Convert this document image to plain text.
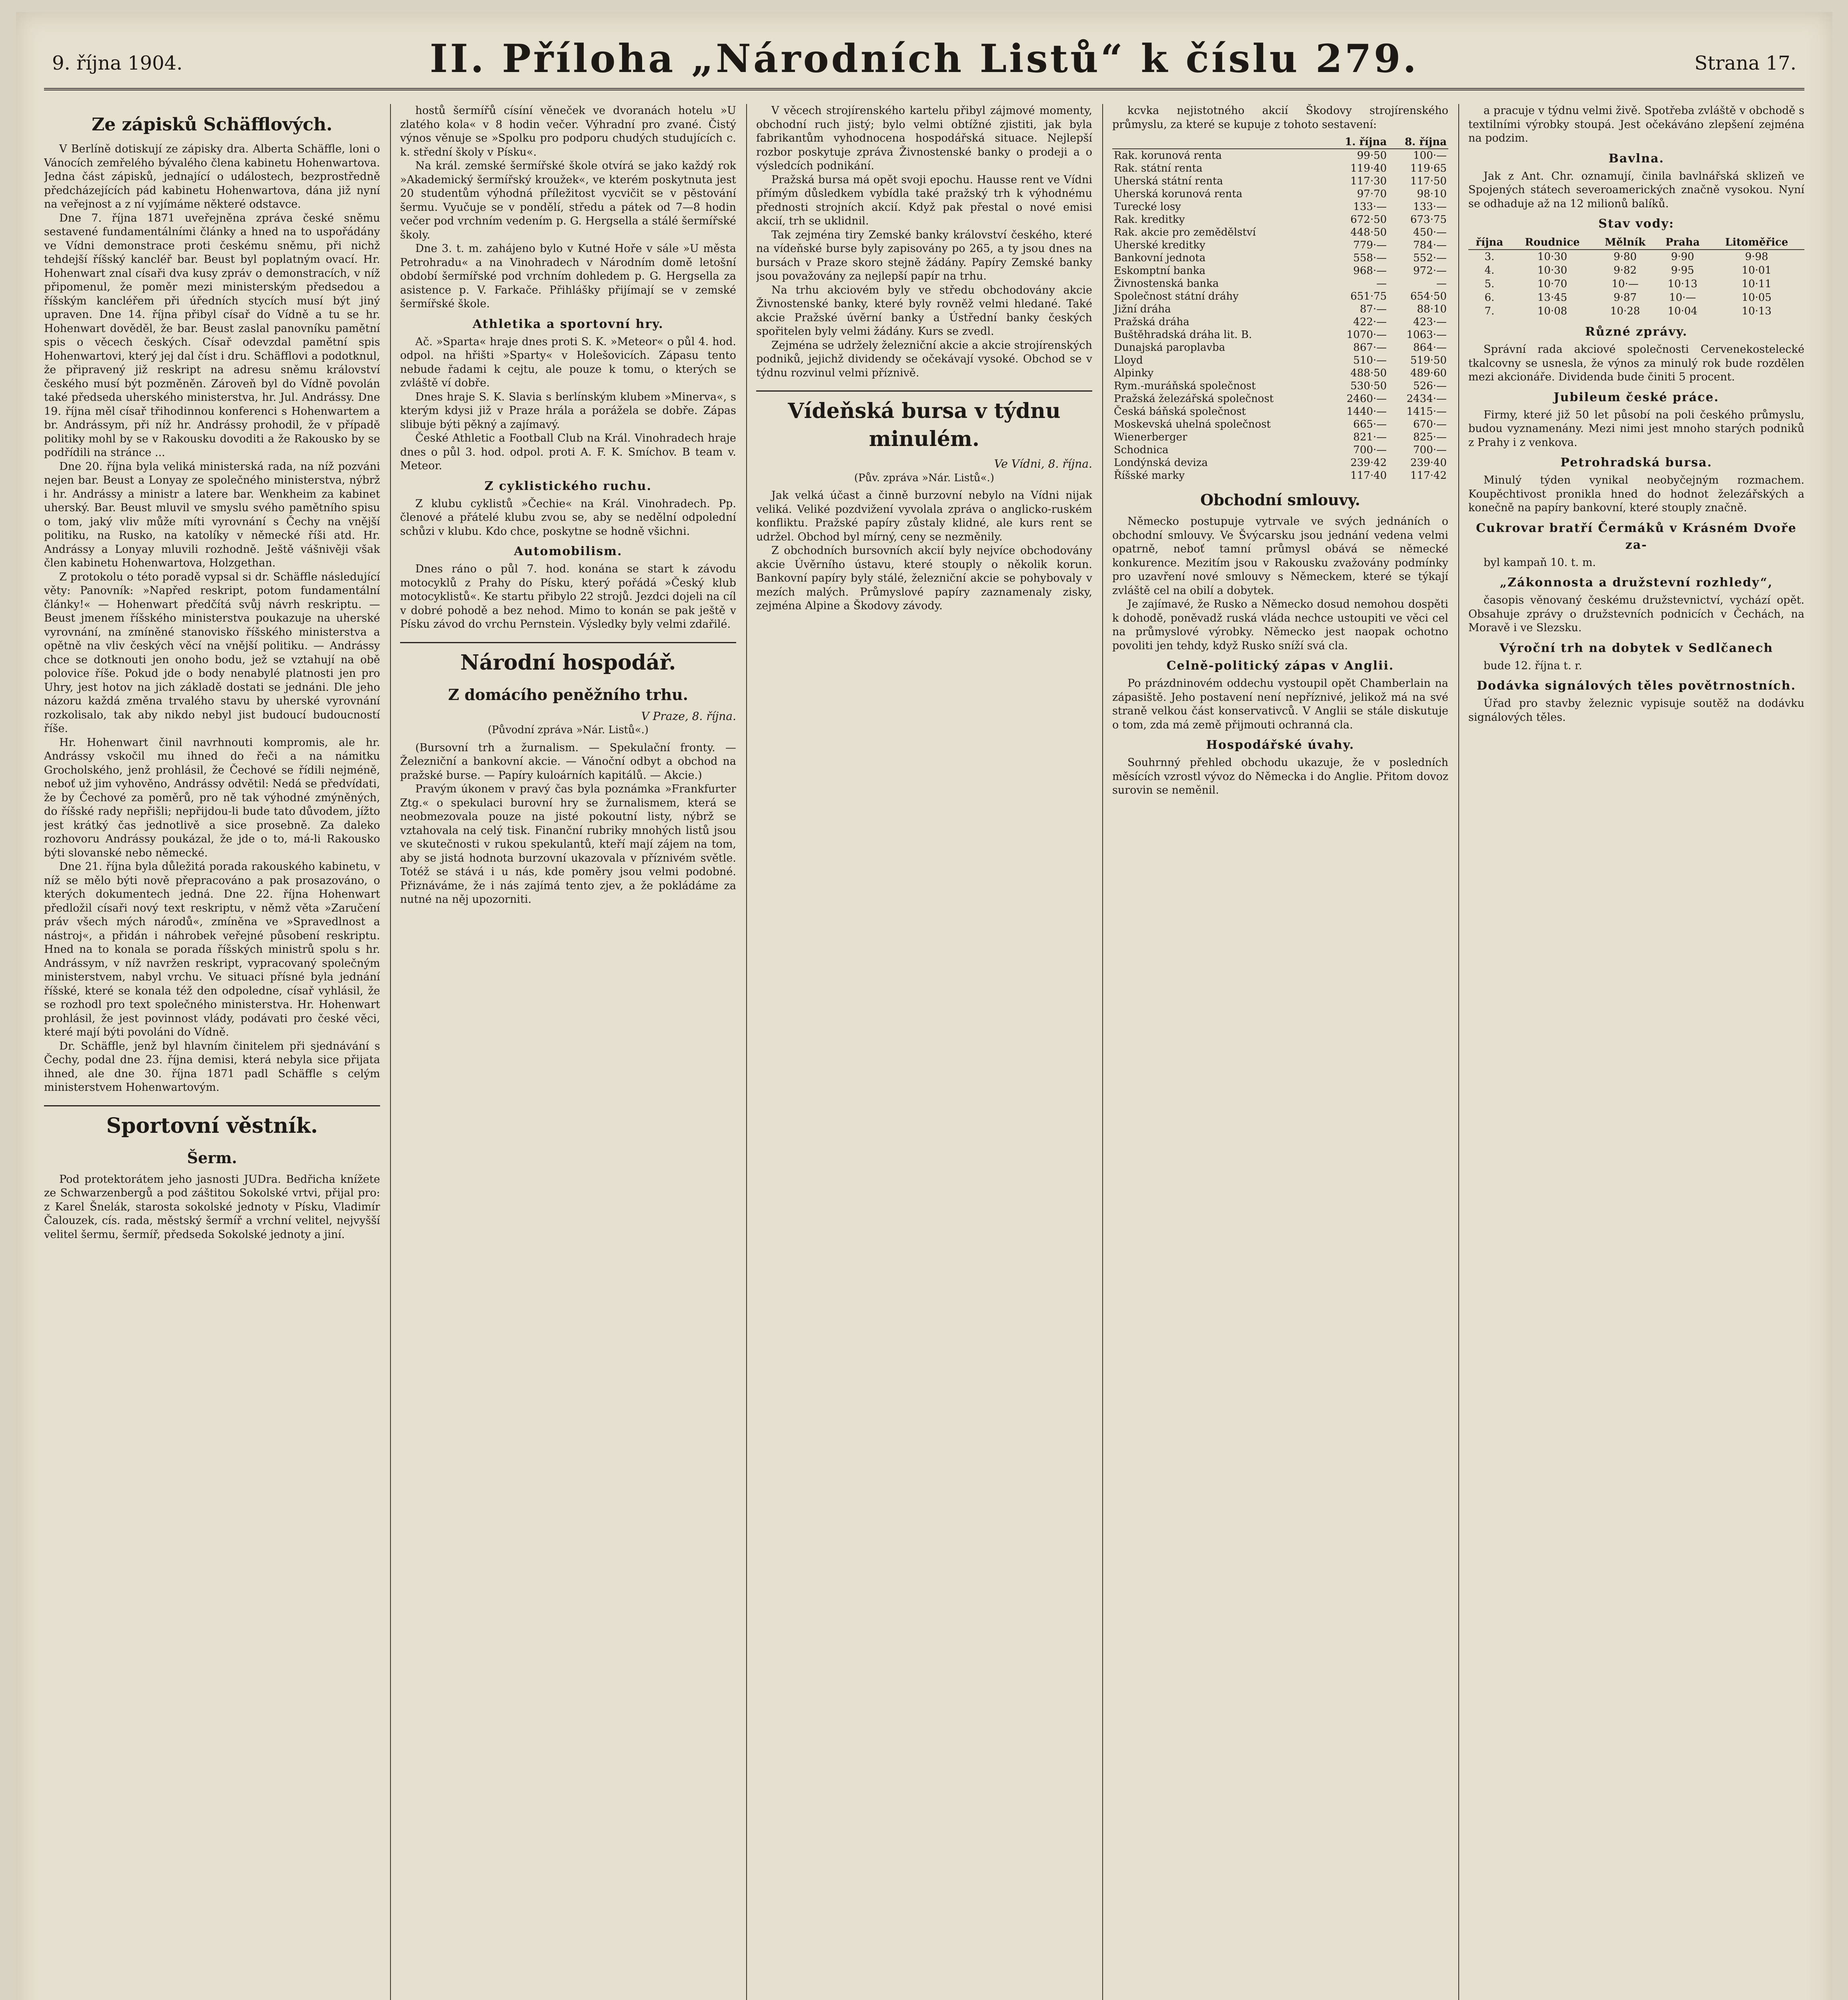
9. října 1904.	II. Příloha „Národních Listů“ k číslu 279.	Strana 17.
Ze zápisků Schäfflových.

V Berlíně dotiskují ze zápisky dra. Alberta Schäffle, loni o Vánocích zemřelého bývalého člena kabinetu Hohenwartova. Jedna část zápisků, jednající o událostech, bezprostředně předcházejících pád kabinetu Hohenwartova, dána již nyní na veřejnost a z ní vyjímáme některé odstavce.

Dne 7. října 1871 uveřejněna zpráva české sněmu sestavené fundamentálními články a hned na to uspořádány ve Vídni demonstrace proti českému sněmu, při nichž tehdejší říšský kancléř bar. Beust byl poplatným ovací. Hr. Hohenwart znal císaři dva kusy zpráv o demonstracích, v níž připomenul, že poměr mezi ministerským předsedou a říšským kancléřem při úředních stycích musí být jiný upraven. Dne 14. října přibyl císař do Vídně a tu se hr. Hohenwart dověděl, že bar. Beust zaslal panovníku pamětní spis o věcech českých. Císař odevzdal pamětní spis Hohenwartovi, který jej dal číst i dru. Schäfflovi a podotknul, že připravený již reskript na adresu sněmu království českého musí být pozměněn. Zároveň byl do Vídně povolán také předseda uherského ministerstva, hr. Jul. Andrássy. Dne 19. října měl císař třihodinnou konferenci s Hohenwartem a br. Andrássym, při níž hr. Andrássy prohodil, že v případě politiky mohl by se v Rakousku dovoditi a že Rakousko by se podřídili na stránce ...

Dne 20. října byla veliká ministerská rada, na níž pozváni nejen bar. Beust a Lonyay ze společného ministerstva, nýbrž i hr. Andrássy a ministr a latere bar. Wenkheim za kabinet uherský. Bar. Beust mluvil ve smyslu svého pamětního spisu o tom, jaký vliv může míti vyrovnání s Čechy na vnější politiku, na Rusko, na katolíky v německé říši atd. Hr. Andrássy a Lonyay mluvili rozhodně. Ještě vášnivěji však člen kabinetu Hohenwartova, Holzgethan.

Z protokolu o této poradě vypsal si dr. Schäffle následující věty: Panovník: »Napřed reskript, potom fundamentální články!« — Hohenwart předčítá svůj návrh reskriptu. — Beust jmenem říšského ministerstva poukazuje na uherské vyrovnání, na zmíněné stanovisko říšského ministerstva a opětně na vliv českých věcí na vnější politiku. — Andrássy chce se dotknouti jen onoho bodu, jež se vztahují na obě polovice říše. Pokud jde o body nenabylé platnosti jen pro Uhry, jest hotov na jich základě dostati se jednáni. Dle jeho názoru každá změna trvalého stavu by uherské vyrovnání rozkolisalo, tak aby nikdo nebyl jist budoucí budoucností říše.

Hr. Hohenwart činil navrhnouti kompromis, ale hr. Andrássy vskočil mu ihned do řeči a na námitku Grocholského, jenž prohlásil, že Čechové se řídili nejméně, neboť už jim vyhověno, Andrássy odvětil: Nedá se předvídati, že by Čechové za poměrů, pro ně tak výhodné zmýněných, do říšské rady nepřišli; nepřijdou-li bude tato důvodem, jížto jest krátký čas jednotlivě a sice prosebně. Za daleko rozhovoru Andrássy poukázal, že jde o to, má-li Rakousko býti slovanské nebo německé.

Dne 21. října byla důležitá porada rakouského kabinetu, v níž se mělo býti nově přepracováno a pak prosazováno, o kterých dokumentech jedná. Dne 22. října Hohenwart předložil císaři nový text reskriptu, v němž věta »Zaručení práv všech mých národů«, zmíněna ve »Spravedlnost a nástroj«, a přidán i náhrobek veřejné působení reskriptu. Hned na to konala se porada říšských ministrů spolu s hr. Andrássym, v níž navržen reskript, vypracovaný společným ministerstvem, nabyl vrchu. Ve situaci přísné byla jednání říšské, které se konala též den odpoledne, císař vyhlásil, že se rozhodl pro text společného ministerstva. Hr. Hohenwart prohlásil, že jest povinnost vlády, podávati pro české věci, které mají býti povoláni do Vídně.

Dr. Schäffle, jenž byl hlavním činitelem při sjednávání s Čechy, podal dne 23. října demisi, která nebyla sice přijata ihned, ale dne 30. října 1871 padl Schäffle s celým ministerstvem Hohenwartovým.

Sportovní věstník.
Šerm.

Pod protektorátem jeho jasnosti JUDra. Bedřicha knížete ze Schwarzenbergů a pod záštitou Sokolské vrtvi, přijal pro: z Karel Šnelák, starosta sokolské jednoty v Písku, Vladimír Čalouzek, cís. rada, městský šermíř a vrchní velitel, nejvyšší velitel šermu, šermíř, předseda Sokolské jednoty a jiní.

hostů šermířů císíní věneček ve dvoranách hotelu »U zlatého kola« v 8 hodin večer. Výhradní pro zvané. Čistý výnos věnuje se »Spolku pro podporu chudých studujících c. k. střední školy v Písku«.

Na král. zemské šermířské škole otvírá se jako každý rok »Akademický šermířský kroužek«, ve kterém poskytnuta jest 20 studentům výhodná příležitost vycvičit se v pěstování šermu. Vyučuje se v pondělí, středu a pátek od 7—8 hodin večer pod vrchním vedením p. G. Hergsella a stálé šermířské školy.

Dne 3. t. m. zahájeno bylo v Kutné Hoře v sále »U města Petrohradu« a na Vinohradech v Národním domě letošní období šermířské pod vrchním dohledem p. G. Hergsella za asistence p. V. Farkače. Přihlášky přijímají se v zemské šermířské škole.

Athletika a sportovní hry.

Ač. »Sparta« hraje dnes proti S. K. »Meteor« o půl 4. hod. odpol. na hřišti »Sparty« v Holešovicích. Zápasu tento nebude řadami k cejtu, ale pouze k tomu, o kterých se zvláště ví dobře.

Dnes hraje S. K. Slavia s berlínským klubem »Minerva«, s kterým kdysi již v Praze hrála a porážela se dobře. Zápas slibuje býti pěkný a zajímavý.

České Athletic a Football Club na Král. Vinohradech hraje dnes o půl 3. hod. odpol. proti A. F. K. Smíchov. B team v. Meteor.

Z cyklistického ruchu.

Z klubu cyklistů »Čechie« na Král. Vinohradech. Pp. členové a přátelé klubu zvou se, aby se nedělní odpolední schůzi v klubu. Kdo chce, poskytne se hodně všichni.

Automobilism.

Dnes ráno o půl 7. hod. konána se start k závodu motocyklů z Prahy do Písku, který pořádá »Český klub motocyklistů«. Ke startu přibylo 22 strojů. Jezdci dojeli na cíl v dobré pohodě a bez nehod. Mimo to konán se pak ještě v Písku závod do vrchu Pernstein. Výsledky byly velmi zdařilé.

Národní hospodář.
Z domácího peněžního trhu.
V Praze, 8. října.
(Původní zpráva »Nár. Listů«.)

(Bursovní trh a žurnalism. — Spekulační fronty. — Železniční a bankovní akcie. — Vánoční odbyt a obchod na pražské burse. — Papíry kuloárních kapitálů. — Akcie.)

Pravým úkonem v pravý čas byla poznámka »Frankfurter Ztg.« o spekulaci burovní hry se žurnalismem, která se neobmezovala pouze na jisté pokoutní listy, nýbrž se vztahovala na celý tisk. Finanční rubriky mnohých listů jsou ve skutečnosti v rukou spekulantů, kteří mají zájem na tom, aby se jistá hodnota burzovní ukazovala v příznivém světle. Totéž se stává i u nás, kde poměry jsou velmi podobné. Přiznáváme, že i nás zajímá tento zjev, a že pokládáme za nutné na něj upozorniti.

V věcech strojírenského kartelu přibyl zájmové momenty, obchodní ruch jistý; bylo velmi obtížné zjistiti, jak byla fabrikantům vyhodnocena hospodářská situace. Nejlepší rozbor poskytuje zpráva Živnostenské banky o prodeji a o výsledcích podnikání.

Pražská bursa má opět svoji epochu. Hausse rent ve Vídni přímým důsledkem vybídla také pražský trh k výhodnému přednosti strojních akcií. Když pak přestal o nové emisi akcií, trh se uklidnil.

Tak zejména tiry Zemské banky království českého, které na vídeňské burse byly zapisovány po 265, a ty jsou dnes na bursách v Praze skoro stejně žádány. Papíry Zemské banky jsou považovány za nejlepší papír na trhu.

Na trhu akciovém byly ve středu obchodovány akcie Živnostenské banky, které byly rovněž velmi hledané. Také akcie Pražské úvěrní banky a Ústřední banky českých spořitelen byly velmi žádány. Kurs se zvedl.

Zejména se udržely železniční akcie a akcie strojírenských podniků, jejichž dividendy se očekávají vysoké. Obchod se v týdnu rozvinul velmi příznivě.

Vídeňská bursa v týdnu minulém.
Ve Vídni, 8. října.
(Pův. zpráva »Nár. Listů«.)

Jak velká účast a činně burzovní nebylo na Vídni nijak veliká. Veliké pozdvižení vyvolala zpráva o anglicko-ruském konfliktu. Pražské papíry zůstaly klidné, ale kurs rent se udržel. Obchod byl mírný, ceny se nezměnily.

Z obchodních bursovních akcií byly nejvíce obchodovány akcie Úvěrního ústavu, které stouply o několik korun. Bankovní papíry byly stálé, železniční akcie se pohybovaly v mezích malých. Průmyslové papíry zaznamenaly zisky, zejména Alpine a Škodovy závody.

kcvka nejistotného akcií Škodovy strojírenského průmyslu, za které se kupuje z tohoto sestavení:

	1. října	8. října
Rak. korunová renta	99·50	100·—
Rak. státní renta	119·40	119·65
Uherská státní renta	117·30	117·50
Uherská korunová renta	97·70	98·10
Turecké losy	133·—	133·—
Rak. kreditky	672·50	673·75
Rak. akcie pro zemědělství	448·50	450·—
Uherské kreditky	779·—	784·—
Bankovní jednota	558·—	552·—
Eskomptní banka	968·—	972·—
Živnostenská banka	—	—
Společnost státní dráhy	651·75	654·50
Jižní dráha	87·—	88·10
Pražská dráha	422·—	423·—
Buštěhradská dráha lit. B.	1070·—	1063·—
Dunajská paroplavba	867·—	864·—
Lloyd	510·—	519·50
Alpinky	488·50	489·60
Rym.-muráňská společnost	530·50	526·—
Pražská železářská společnost	2460·—	2434·—
Česká báňská společnost	1440·—	1415·—
Moskevská uhelná společnost	665·—	670·—
Wienerberger	821·—	825·—
Schodnica	700·—	700·—
Londýnská deviza	239·42	239·40
Říšské marky	117·40	117·42
Obchodní smlouvy.

Německo postupuje vytrvale ve svých jednáních o obchodní smlouvy. Ve Švýcarsku jsou jednání vedena velmi opatrně, neboť tamní průmysl obává se německé konkurence. Mezitím jsou v Rakousku zvažovány podmínky pro uzavření nové smlouvy s Německem, které se týkají zvláště cel na obilí a dobytek.

Je zajímavé, že Rusko a Německo dosud nemohou dospěti k dohodě, poněvadž ruská vláda nechce ustoupiti ve věci cel na průmyslové výrobky. Německo jest naopak ochotno povoliti jen tehdy, když Rusko sníží svá cla.

Celně-politický zápas v Anglii.

Po prázdninovém oddechu vystoupil opět Chamberlain na zápasiště. Jeho postavení není nepříznivé, jelikož má na své straně velkou část konservativců. V Anglii se stále diskutuje o tom, zda má země přijmouti ochranná cla.

Hospodářské úvahy.

Souhrnný přehled obchodu ukazuje, že v posledních měsících vzrostl vývoz do Německa i do Anglie. Přitom dovoz surovin se neměnil.

a pracuje v týdnu velmi živě. Spotřeba zvláště v obchodě s textilními výrobky stoupá. Jest očekáváno zlepšení zejména na podzim.

Bavlna.

Jak z Ant. Chr. oznamují, činila bavlnářská sklizeň ve Spojených státech severoamerických značně vysokou. Nyní se odhaduje až na 12 milionů balíků.

Stav vody:
října	Roudnice	Mělník	Praha	Litoměřice
3.	10·30	9·80	9·90	9·98
4.	10·30	9·82	9·95	10·01
5.	10·70	10·—	10·13	10·11
6.	13·45	9·87	10·—	10·05
7.	10·08	10·28	10·04	10·13
Různé zprávy.

Správní rada akciové společnosti Cervenekostelecké tkalcovny se usnesla, že výnos za minulý rok bude rozdělen mezi akcionáře. Dividenda bude činiti 5 procent.

Jubileum české práce.

Firmy, které již 50 let působí na poli českého průmyslu, budou vyznamenány. Mezi nimi jest mnoho starých podniků z Prahy i z venkova.

Petrohradská bursa.

Minulý týden vynikal neobyčejným rozmachem. Koupěchtivost pronikla hned do hodnot železářských a konečně na papíry bankovní, které stouply značně.

Cukrovar bratří Čermáků v Krásném Dvoře za-

byl kampaň 10. t. m.

„Zákonnosta a družstevní rozhledy“,

časopis věnovaný českému družstevnictví, vychází opět. Obsahuje zprávy o družstevních podnicích v Čechách, na Moravě i ve Slezsku.

Výroční trh na dobytek v Sedlčanech

bude 12. října t. r.

Dodávka signálových těles povětrnostních.

Úřad pro stavby železnic vypisuje soutěž na dodávku signálových těles.
